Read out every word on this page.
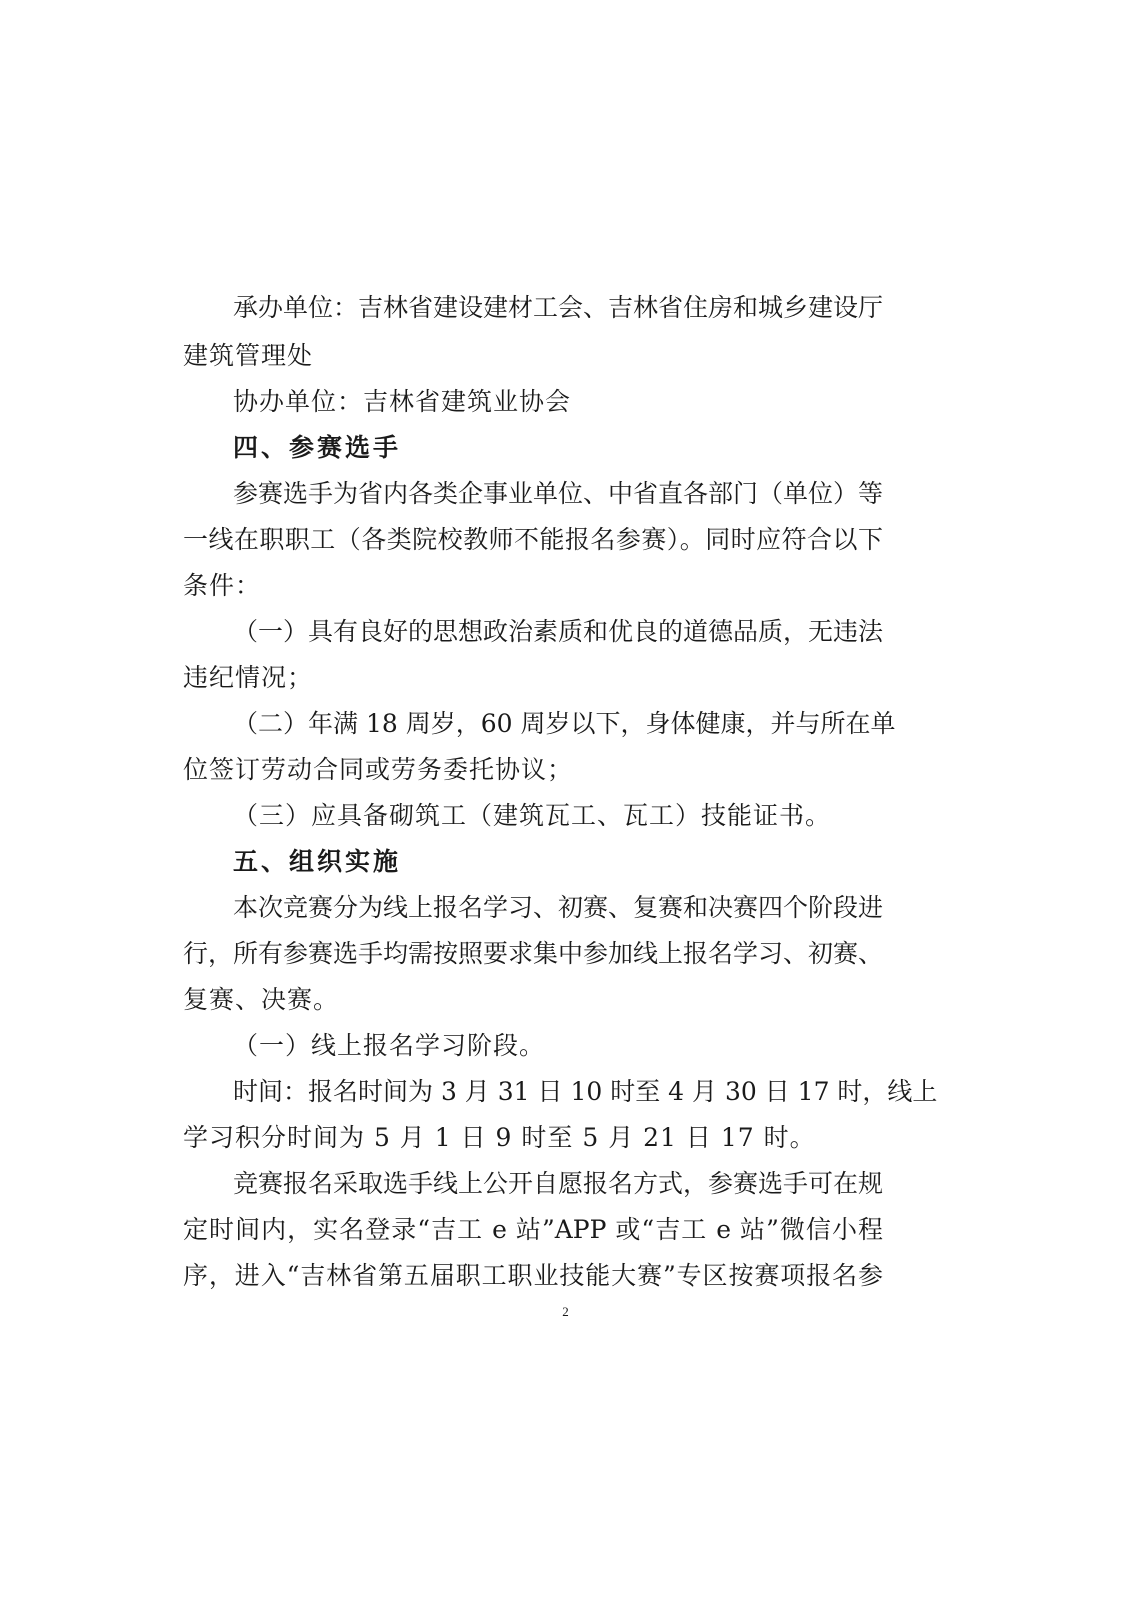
承办单位：吉林省建设建材工会、吉林省住房和城乡建设厅
建筑管理处
协办单位：吉林省建筑业协会
四、参赛选手
参赛选手为省内各类企事业单位、中省直各部门（单位）等
一线在职职工（各类院校教师不能报名参赛）。同时应符合以下
条件：
（一）具有良好的思想政治素质和优良的道德品质，无违法
违纪情况；
（二）年满 18 周岁，60 周岁以下，身体健康，并与所在单
位签订劳动合同或劳务委托协议；
（三）应具备砌筑工（建筑瓦工、瓦工）技能证书。
五、组织实施
本次竞赛分为线上报名学习、初赛、复赛和决赛四个阶段进
行，所有参赛选手均需按照要求集中参加线上报名学习、初赛、
复赛、决赛。
（一）线上报名学习阶段。
时间：报名时间为 3 月 31 日 10 时至 4 月 30 日 17 时，线上
学习积分时间为 5 月 1 日 9 时至 5 月 21 日 17 时。
竞赛报名采取选手线上公开自愿报名方式，参赛选手可在规
定时间内，实名登录“吉工 e 站”APP 或“吉工 e 站”微信小程
序，进入“吉林省第五届职工职业技能大赛”专区按赛项报名参
2
